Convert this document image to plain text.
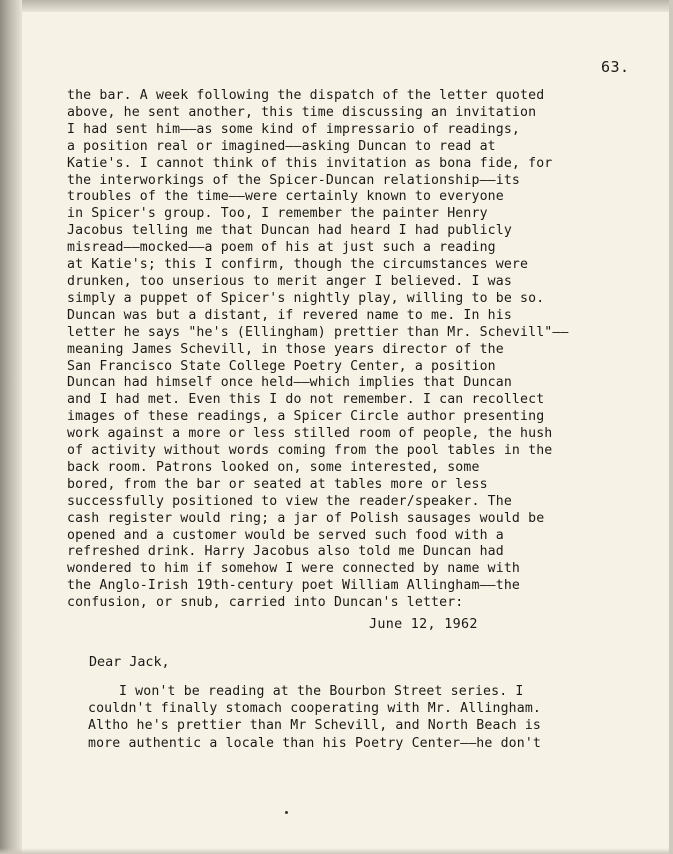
63.
the bar. A week following the dispatch of the letter quoted
above, he sent another, this time discussing an invitation
I had sent him——as some kind of impressario of readings,
a position real or imagined——asking Duncan to read at
Katie's. I cannot think of this invitation as bona fide, for
the interworkings of the Spicer-Duncan relationship——its
troubles of the time——were certainly known to everyone
in Spicer's group. Too, I remember the painter Henry
Jacobus telling me that Duncan had heard I had publicly
misread——mocked——a poem of his at just such a reading
at Katie's; this I confirm, though the circumstances were
drunken, too unserious to merit anger I believed. I was
simply a puppet of Spicer's nightly play, willing to be so.
Duncan was but a distant, if revered name to me. In his
letter he says "he's (Ellingham) prettier than Mr. Schevill"——
meaning James Schevill, in those years director of the
San Francisco State College Poetry Center, a position
Duncan had himself once held——which implies that Duncan
and I had met. Even this I do not remember. I can recollect
images of these readings, a Spicer Circle author presenting
work against a more or less stilled room of people, the hush
of activity without words coming from the pool tables in the
back room. Patrons looked on, some interested, some
bored, from the bar or seated at tables more or less
successfully positioned to view the reader/speaker. The
cash register would ring; a jar of Polish sausages would be
opened and a customer would be served such food with a
refreshed drink. Harry Jacobus also told me Duncan had
wondered to him if somehow I were connected by name with
the Anglo-Irish 19th-century poet William Allingham——the
confusion, or snub, carried into Duncan's letter:
June 12, 1962
Dear Jack,
I won't be reading at the Bourbon Street series. I
couldn't finally stomach cooperating with Mr. Allingham.
Altho he's prettier than Mr Schevill, and North Beach is
more authentic a locale than his Poetry Center——he don't
